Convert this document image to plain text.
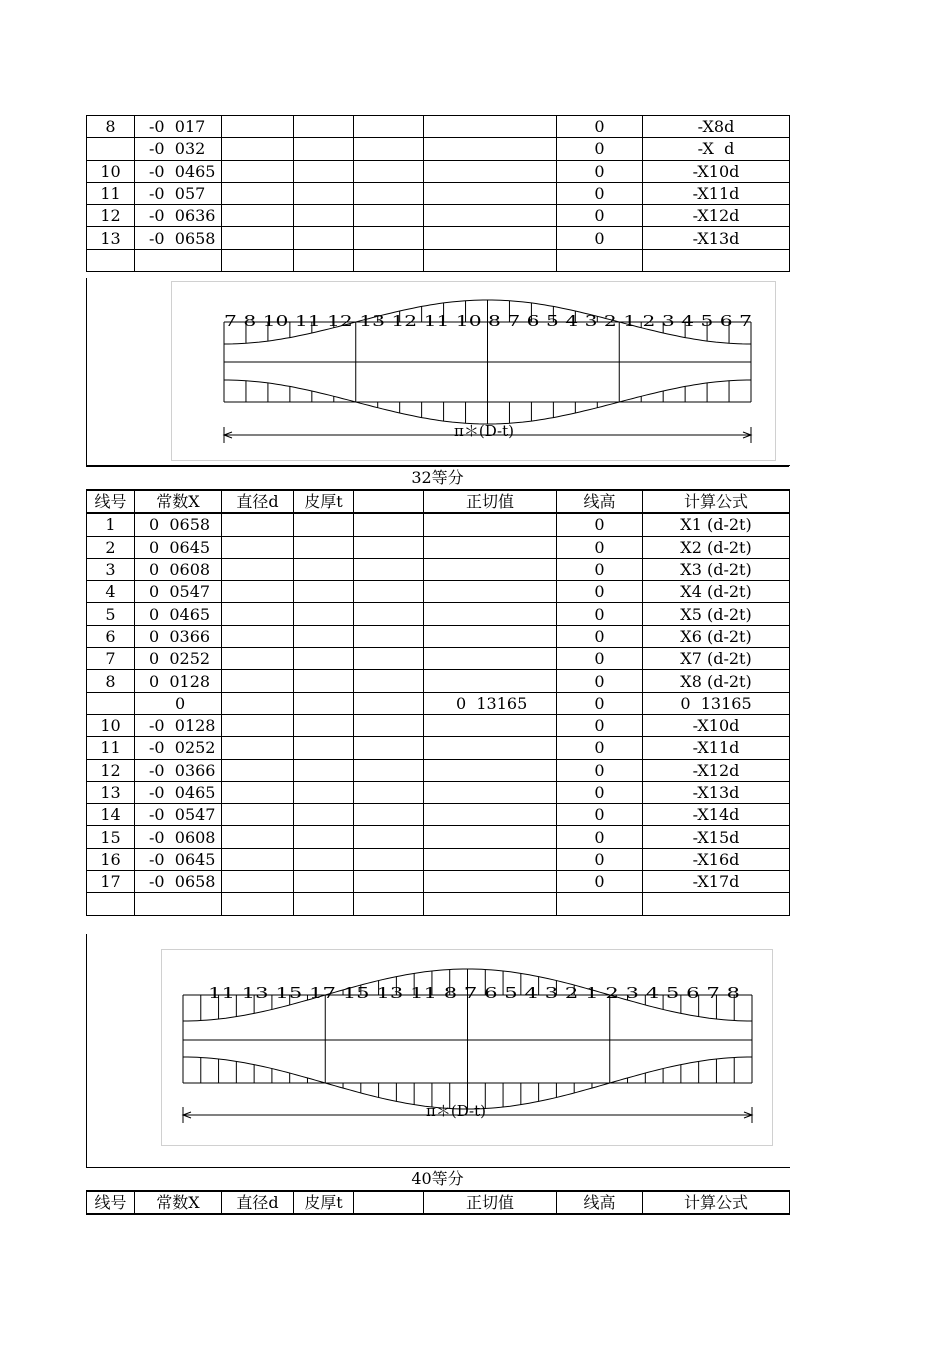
8	-0  017					0	-X8d
	-0  032					0	-X  d
10	-0  0465					0	-X10d
11	-0  057					0	-X11d
12	-0  0636					0	-X12d
13	-0  0658					0	-X13d

7 8 10 11 12 13 12 11 10 8 7 6 5 4 3 2 1 2 3 4 5 6 7
π＊(D-t)
32等分
线号	常数X	直径d	皮厚t		正切值	线高	计算公式
1	0  0658					0	X1 (d-2t)
2	0  0645					0	X2 (d-2t)
3	0  0608					0	X3 (d-2t)
4	0  0547					0	X4 (d-2t)
5	0  0465					0	X5 (d-2t)
6	0  0366					0	X6 (d-2t)
7	0  0252					0	X7 (d-2t)
8	0  0128					0	X8 (d-2t)
	0				0  13165	0	0  13165
10	-0  0128					0	-X10d
11	-0  0252					0	-X11d
12	-0  0366					0	-X12d
13	-0  0465					0	-X13d
14	-0  0547					0	-X14d
15	-0  0608					0	-X15d
16	-0  0645					0	-X16d
17	-0  0658					0	-X17d

11 13 15 17 15 13 11 8 7 6 5 4 3 2 1 2 3 4 5 6 7 8
π＊(D-t)
40等分
线号	常数X	直径d	皮厚t		正切值	线高	计算公式
